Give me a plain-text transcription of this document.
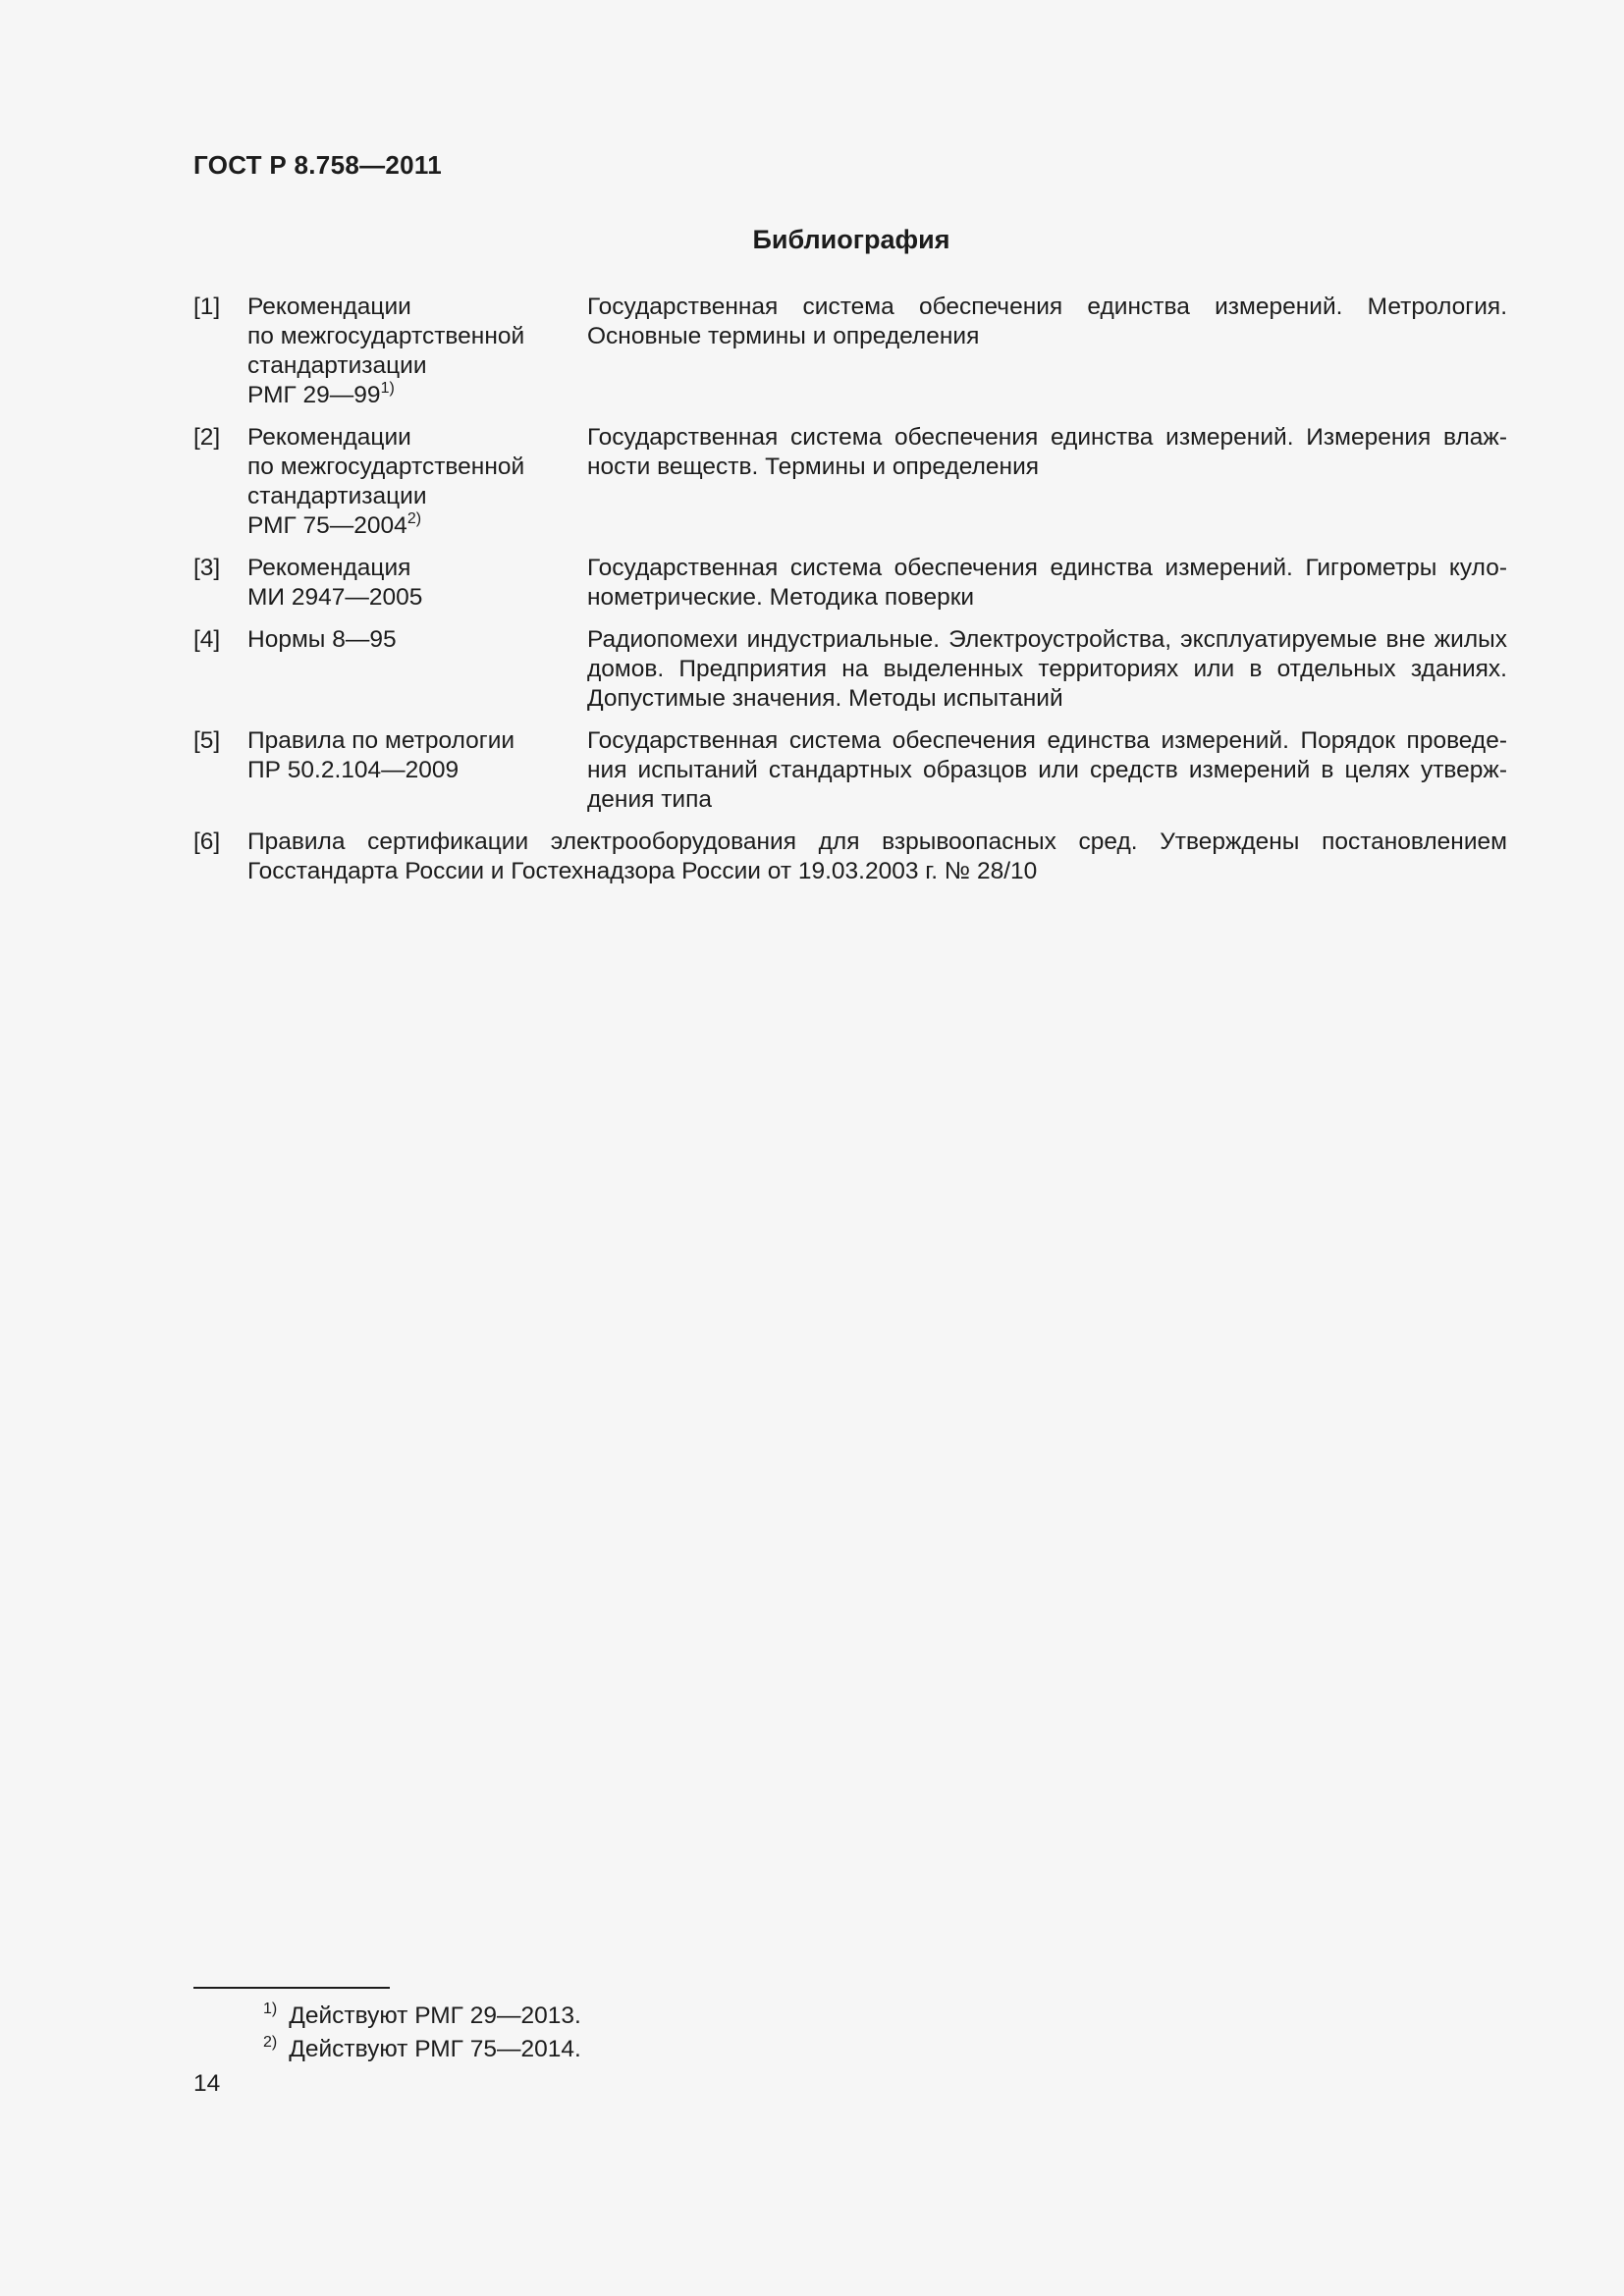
ГОСТ Р 8.758—2011
Библиография
[1] Рекомендации
по межгосудартственной
стандартизации
РМГ 29—99$^{1)}$
Государственная система обеспечения единства измерений. Метрология. Основные термины и определения
[2] Рекомендации
по межгосудартственной
стандартизации
РМГ 75—2004$^{2)}$
Государственная система обеспечения единства измерений. Измерения влажности веществ. Термины и определения
[3] Рекомендация
МИ 2947—2005
Государственная система обеспечения единства измерений. Гигрометры кулонометрические. Методика поверки
[4] Нормы 8—95	Радиопомехи индустриальные. Электроустройства, эксплуатируемые вне жилых домов. Предприятия на выделенных территориях или в отдельных зданиях. Допустимые значения. Методы испытаний
[5] Правила по метрологии
ПР 50.2.104—2009
Государственная система обеспечения единства измерений. Порядок проведения испытаний стандартных образцов или средств измерений в целях утверждения типа
[6] Правила сертификации электрооборудования для взрывоопасных сред. Утверждены постановлением Госстандарта России и Гостехнадзора России от 19.03.2003 г. № 28/10
$^{1)}$ Действуют РМГ 29—2013.
$^{2)}$ Действуют РМГ 75—2014.
14
